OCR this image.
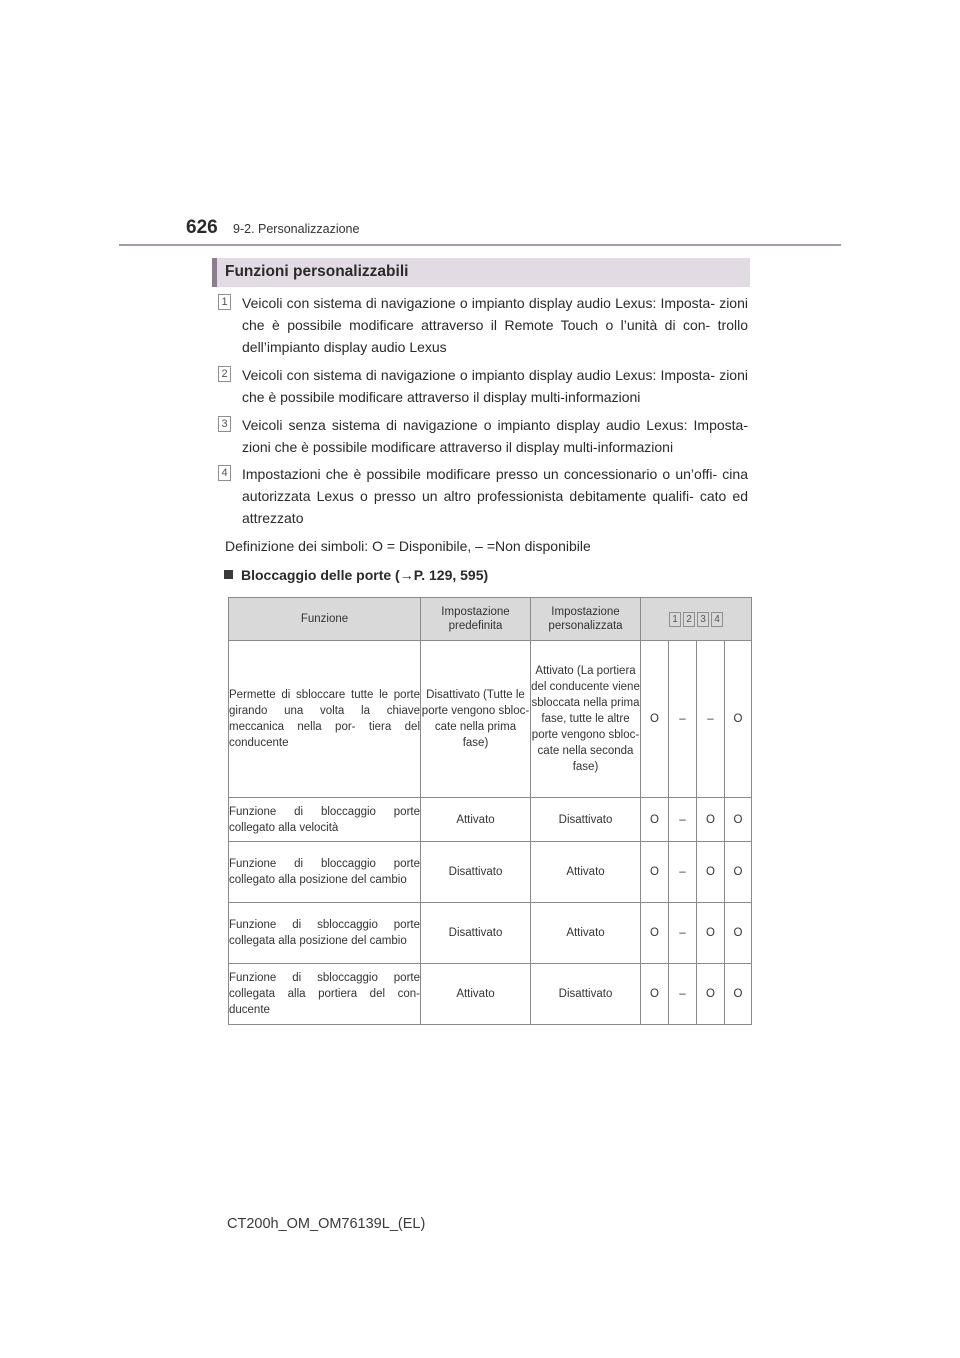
626 9-2. Personalizzazione
Funzioni personalizzabili
1 Veicoli con sistema di navigazione o impianto display audio Lexus: Imposta- zioni che è possibile modificare attraverso il Remote Touch o l’unità di con- trollo dell’impianto display audio Lexus
2 Veicoli con sistema di navigazione o impianto display audio Lexus: Imposta- zioni che è possibile modificare attraverso il display multi-informazioni
3 Veicoli senza sistema di navigazione o impianto display audio Lexus: Imposta- zioni che è possibile modificare attraverso il display multi-informazioni
4 Impostazioni che è possibile modificare presso un concessionario o un’offi- cina autorizzata Lexus o presso un altro professionista debitamente qualifi- cato ed attrezzato
Definizione dei simboli: O = Disponibile, – =Non disponibile
Bloccaggio delle porte (→P. 129, 595)
Funzione	Impostazione predefinita	Impostazione personalizzata	1 2 3 4			
Permette di sbloccare tutte le porte girando una volta la chiave meccanica nella por- tiera del conducente	Disattivato (Tutte le porte vengono sbloc- cate nella prima fase)	Attivato (La portiera del conducente viene sbloccata nella prima fase, tutte le altre porte vengono sbloc- cate nella seconda fase)	O	–	–	O
Funzione di bloccaggio porte collegato alla velocità	Attivato	Disattivato	O	–	O	O
Funzione di bloccaggio porte collegato alla posizione del cambio	Disattivato	Attivato	O	–	O	O
Funzione di sbloccaggio porte collegata alla posizione del cambio	Disattivato	Attivato	O	–	O	O
Funzione di sbloccaggio porte collegata alla portiera del con- ducente	Attivato	Disattivato	O	–	O	O
CT200h_OM_OM76139L_(EL)
